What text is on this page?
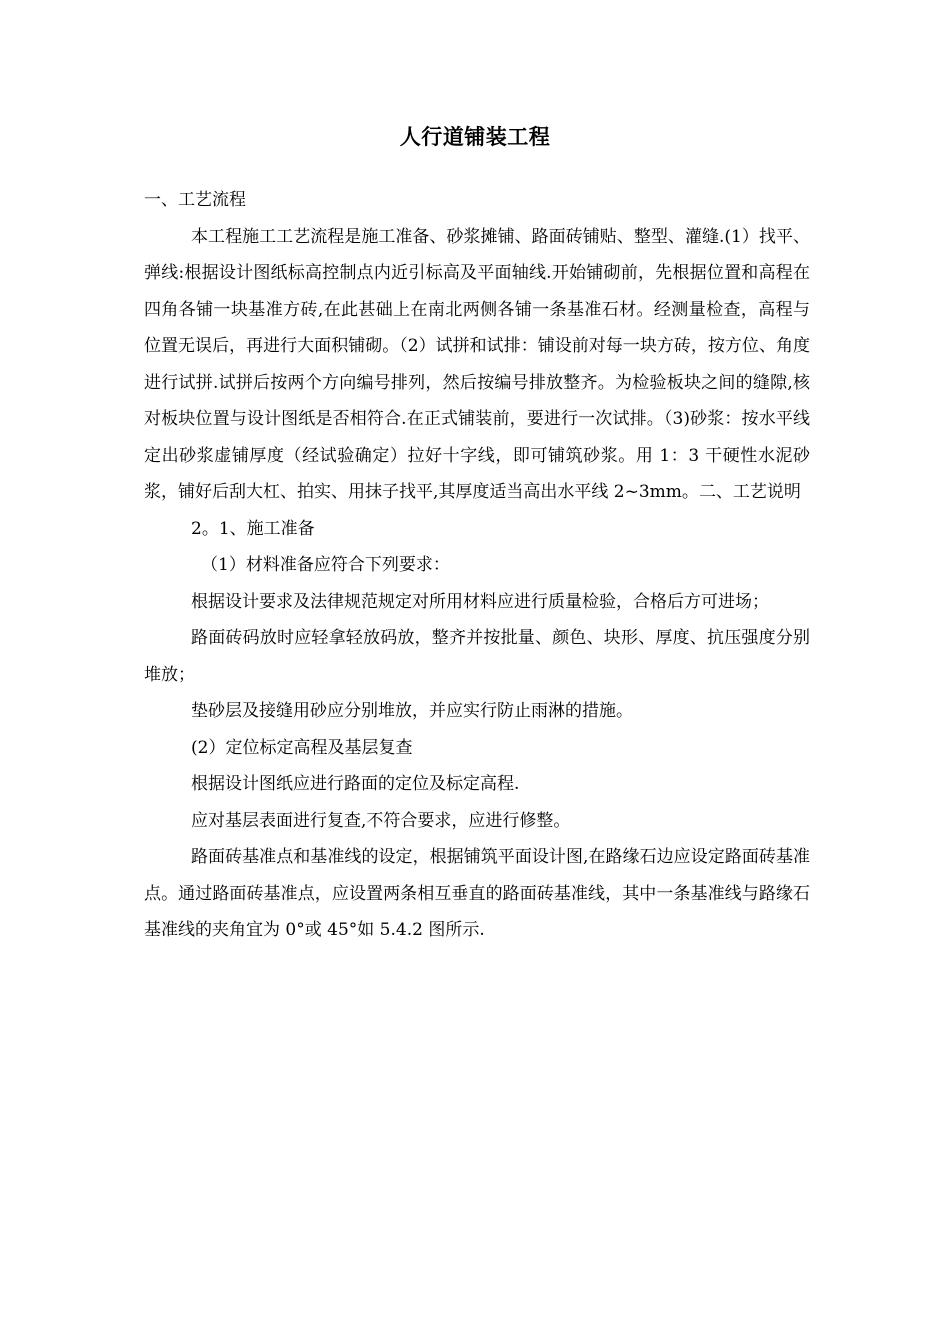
人行道铺装工程

一、工艺流程

本工程施工工艺流程是施工准备、砂浆摊铺、路面砖铺贴、整型、灌缝.(1）找平、弹线:根据设计图纸标高控制点内近引标高及平面轴线.开始铺砌前，先根据位置和高程在四角各铺一块基准方砖,在此甚础上在南北两侧各铺一条基准石材。经测量检查，高程与位置无误后，再进行大面积铺砌。（2）试拼和试排：铺设前对每一块方砖，按方位、角度进行试拼.试拼后按两个方向编号排列，然后按编号排放整齐。为检验板块之间的缝隙,核对板块位置与设计图纸是否相符合.在正式铺装前，要进行一次试排。（3)砂浆：按水平线定出砂浆虚铺厚度（经试验确定）拉好十字线，即可铺筑砂浆。用 1：3 干硬性水泥砂浆，铺好后刮大杠、拍实、用抹子找平,其厚度适当高出水平线 2~3mm。二、工艺说明

2。1、施工准备

（1）材料准备应符合下列要求：

根据设计要求及法律规范规定对所用材料应进行质量检验，合格后方可进场；

路面砖码放时应轻拿轻放码放，整齐并按批量、颜色、块形、厚度、抗压强度分别堆放；

垫砂层及接缝用砂应分别堆放，并应实行防止雨淋的措施。

(2）定位标定高程及基层复查

根据设计图纸应进行路面的定位及标定高程.

应对基层表面进行复查,不符合要求，应进行修整。

路面砖基准点和基准线的设定，根据铺筑平面设计图,在路缘石边应设定路面砖基准点。通过路面砖基准点，应设置两条相互垂直的路面砖基准线，其中一条基准线与路缘石基准线的夹角宜为 0°或 45°如 5.4.2 图所示.
